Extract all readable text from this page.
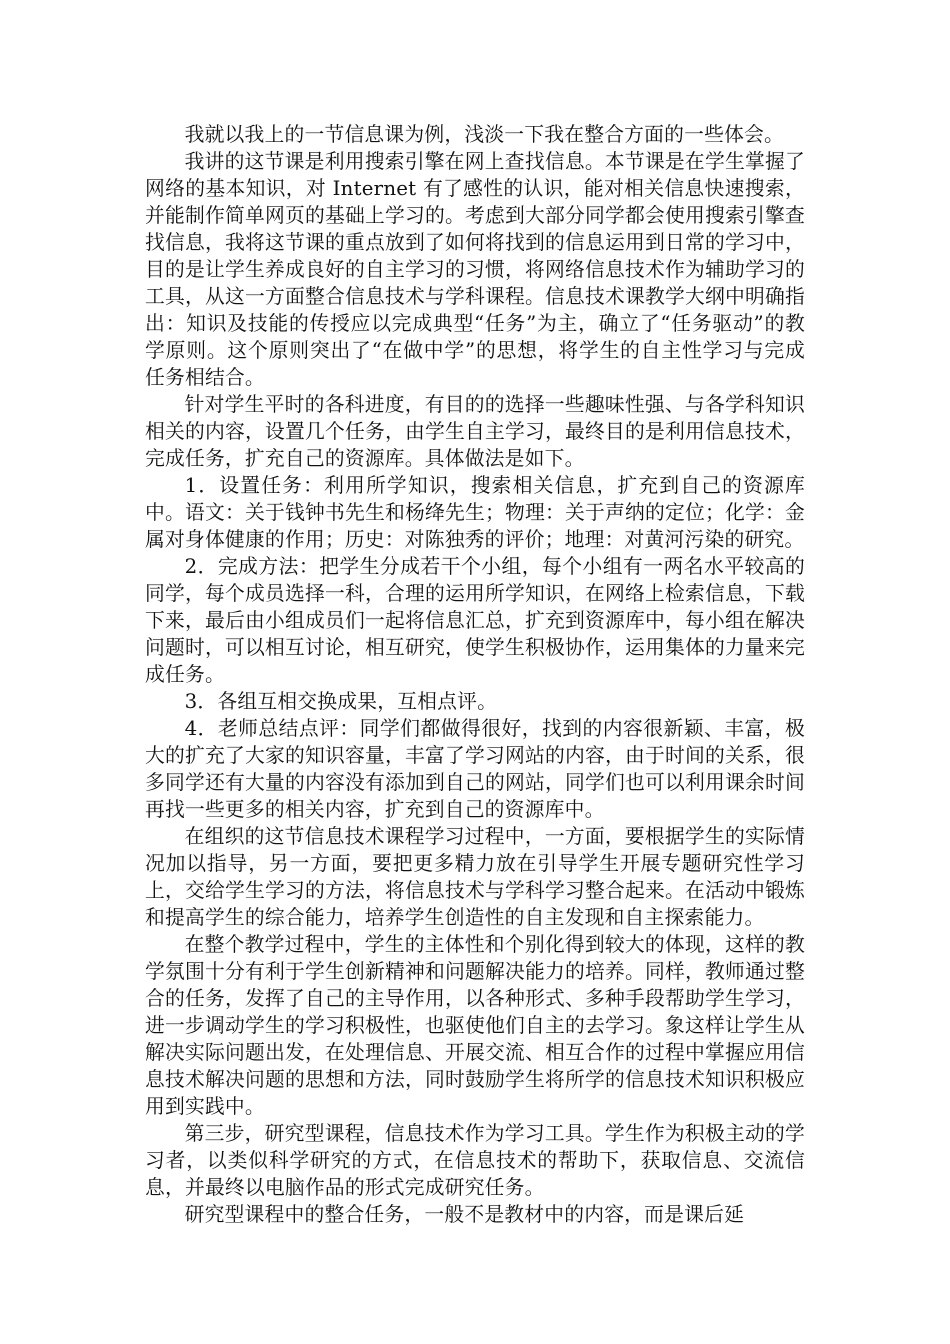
我就以我上的一节信息课为例，浅淡一下我在整合方面的一些体会。

我讲的这节课是利用搜索引擎在网上查找信息。本节课是在学生掌握了网络的基本知识，对 Internet 有了感性的认识，能对相关信息快速搜索，并能制作简单网页的基础上学习的。考虑到大部分同学都会使用搜索引擎查找信息，我将这节课的重点放到了如何将找到的信息运用到日常的学习中，目的是让学生养成良好的自主学习的习惯，将网络信息技术作为辅助学习的工具，从这一方面整合信息技术与学科课程。信息技术课教学大纲中明确指出：知识及技能的传授应以完成典型“任务”为主，确立了“任务驱动”的教学原则。这个原则突出了“在做中学”的思想，将学生的自主性学习与完成任务相结合。

针对学生平时的各科进度，有目的的选择一些趣味性强、与各学科知识相关的内容，设置几个任务，由学生自主学习，最终目的是利用信息技术，完成任务，扩充自己的资源库。具体做法是如下。

1．设置任务：利用所学知识，搜索相关信息，扩充到自己的资源库中。语文：关于钱钟书先生和杨绛先生；物理：关于声纳的定位；化学：金属对身体健康的作用；历史：对陈独秀的评价；地理：对黄河污染的研究。

2．完成方法：把学生分成若干个小组，每个小组有一两名水平较高的同学，每个成员选择一科，合理的运用所学知识，在网络上检索信息，下载下来，最后由小组成员们一起将信息汇总，扩充到资源库中，每小组在解决问题时，可以相互讨论，相互研究，使学生积极协作，运用集体的力量来完成任务。

3．各组互相交换成果，互相点评。

4．老师总结点评：同学们都做得很好，找到的内容很新颖、丰富，极大的扩充了大家的知识容量，丰富了学习网站的内容，由于时间的关系，很多同学还有大量的内容没有添加到自己的网站，同学们也可以利用课余时间再找一些更多的相关内容，扩充到自己的资源库中。

在组织的这节信息技术课程学习过程中，一方面，要根据学生的实际情况加以指导，另一方面，要把更多精力放在引导学生开展专题研究性学习上，交给学生学习的方法，将信息技术与学科学习整合起来。在活动中锻炼和提高学生的综合能力，培养学生创造性的自主发现和自主探索能力。

在整个教学过程中，学生的主体性和个别化得到较大的体现，这样的教学氛围十分有利于学生创新精神和问题解决能力的培养。同样，教师通过整合的任务，发挥了自己的主导作用，以各种形式、多种手段帮助学生学习，进一步调动学生的学习积极性，也驱使他们自主的去学习。象这样让学生从解决实际问题出发，在处理信息、开展交流、相互合作的过程中掌握应用信息技术解决问题的思想和方法，同时鼓励学生将所学的信息技术知识积极应用到实践中。

第三步，研究型课程，信息技术作为学习工具。学生作为积极主动的学习者，以类似科学研究的方式，在信息技术的帮助下，获取信息、交流信息，并最终以电脑作品的形式完成研究任务。

研究型课程中的整合任务，一般不是教材中的内容，而是课后延
